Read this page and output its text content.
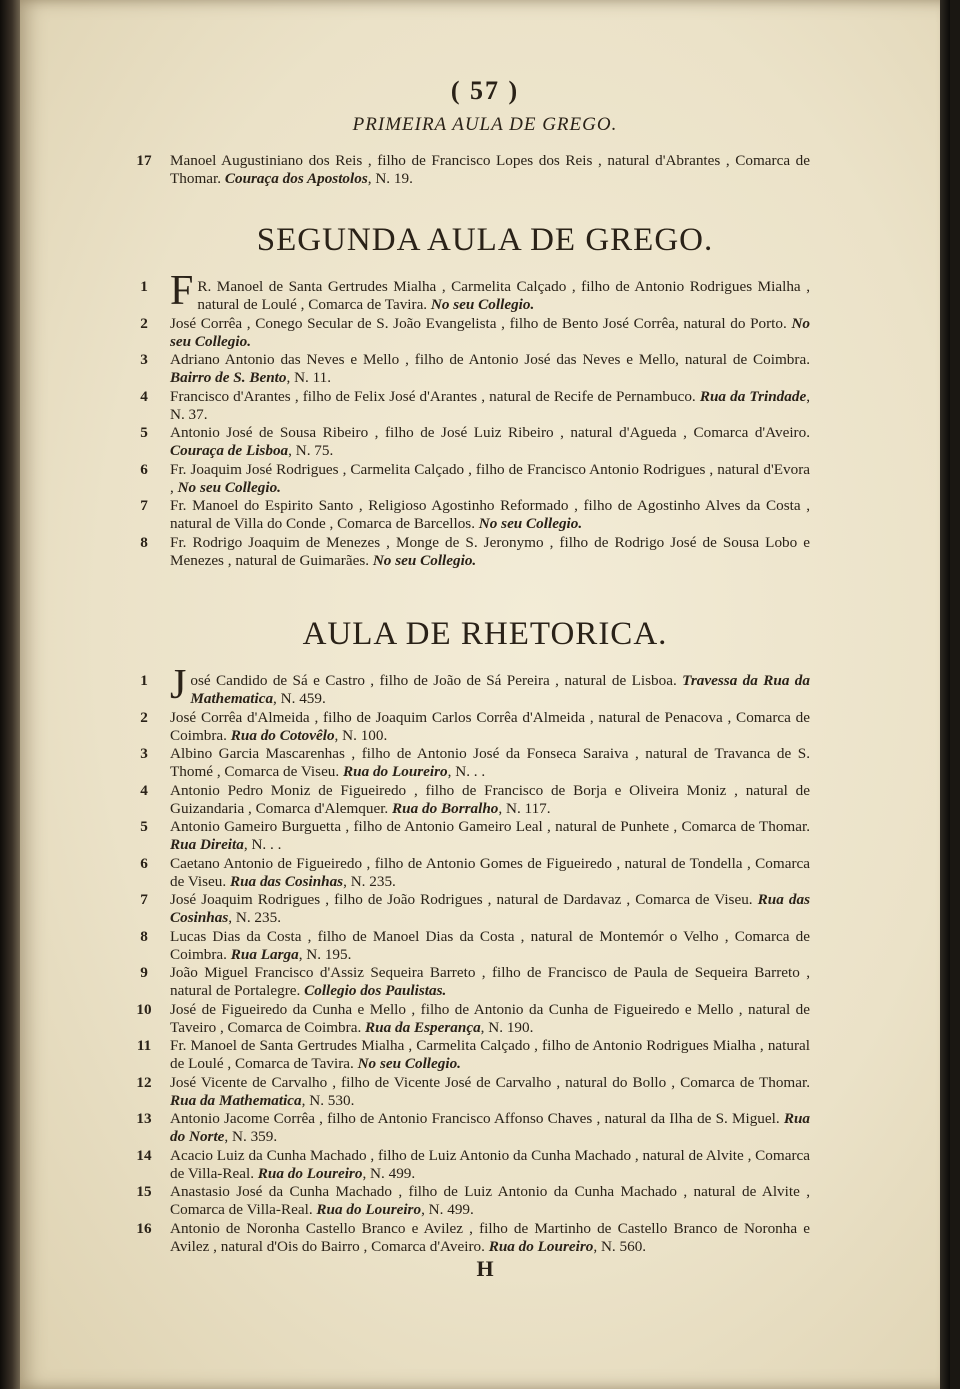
( 57 )
PRIMEIRA AULA DE GREGO.
17	Manoel Augustiniano dos Reis , filho de Francisco Lopes dos Reis , natural d'Abrantes , Comarca de Thomar. Couraça dos Apostolos, N. 19.
SEGUNDA AULA DE GREGO.
1	FR. Manoel de Santa Gertrudes Mialha , Carmelita Calçado , filho de Antonio Rodrigues Mialha , natural de Loulé , Comarca de Tavira. No seu Collegio.
2	José Corrêa , Conego Secular de S. João Evangelista , filho de Bento José Corrêa, natural do Porto. No seu Collegio.
3	Adriano Antonio das Neves e Mello , filho de Antonio José das Neves e Mello, natural de Coimbra. Bairro de S. Bento, N. 11.
4	Francisco d'Arantes , filho de Felix José d'Arantes , natural de Recife de Pernambuco. Rua da Trindade, N. 37.
5	Antonio José de Sousa Ribeiro , filho de José Luiz Ribeiro , natural d'Agueda , Comarca d'Aveiro. Couraça de Lisboa, N. 75.
6	Fr. Joaquim José Rodrigues , Carmelita Calçado , filho de Francisco Antonio Rodrigues , natural d'Evora , No seu Collegio.
7	Fr. Manoel do Espirito Santo , Religioso Agostinho Reformado , filho de Agostinho Alves da Costa , natural de Villa do Conde , Comarca de Barcellos. No seu Collegio.
8	Fr. Rodrigo Joaquim de Menezes , Monge de S. Jeronymo , filho de Rodrigo José de Sousa Lobo e Menezes , natural de Guimarães. No seu Collegio.
AULA DE RHETORICA.
1	José Candido de Sá e Castro , filho de João de Sá Pereira , natural de Lisboa. Travessa da Rua da Mathematica, N. 459.
2	José Corrêa d'Almeida , filho de Joaquim Carlos Corrêa d'Almeida , natural de Penacova , Comarca de Coimbra. Rua do Cotovêlo, N. 100.
3	Albino Garcia Mascarenhas , filho de Antonio José da Fonseca Saraiva , natural de Travanca de S. Thomé , Comarca de Viseu. Rua do Loureiro, N. . .
4	Antonio Pedro Moniz de Figueiredo , filho de Francisco de Borja e Oliveira Moniz , natural de Guizandaria , Comarca d'Alemquer. Rua do Borralho, N. 117.
5	Antonio Gameiro Burguetta , filho de Antonio Gameiro Leal , natural de Punhete , Comarca de Thomar. Rua Direita, N. . .
6	Caetano Antonio de Figueiredo , filho de Antonio Gomes de Figueiredo , natural de Tondella , Comarca de Viseu. Rua das Cosinhas, N. 235.
7	José Joaquim Rodrigues , filho de João Rodrigues , natural de Dardavaz , Comarca de Viseu. Rua das Cosinhas, N. 235.
8	Lucas Dias da Costa , filho de Manoel Dias da Costa , natural de Montemór o Velho , Comarca de Coimbra. Rua Larga, N. 195.
9	João Miguel Francisco d'Assiz Sequeira Barreto , filho de Francisco de Paula de Sequeira Barreto , natural de Portalegre. Collegio dos Paulistas.
10	José de Figueiredo da Cunha e Mello , filho de Antonio da Cunha de Figueiredo e Mello , natural de Taveiro , Comarca de Coimbra. Rua da Esperança, N. 190.
11	Fr. Manoel de Santa Gertrudes Mialha , Carmelita Calçado , filho de Antonio Rodrigues Mialha , natural de Loulé , Comarca de Tavira. No seu Collegio.
12	José Vicente de Carvalho , filho de Vicente José de Carvalho , natural do Bollo , Comarca de Thomar. Rua da Mathematica, N. 530.
13	Antonio Jacome Corrêa , filho de Antonio Francisco Affonso Chaves , natural da Ilha de S. Miguel. Rua do Norte, N. 359.
14	Acacio Luiz da Cunha Machado , filho de Luiz Antonio da Cunha Machado , natural de Alvite , Comarca de Villa-Real. Rua do Loureiro, N. 499.
15	Anastasio José da Cunha Machado , filho de Luiz Antonio da Cunha Machado , natural de Alvite , Comarca de Villa-Real. Rua do Loureiro, N. 499.
16	Antonio de Noronha Castello Branco e Avilez , filho de Martinho de Castello Branco de Noronha e Avilez , natural d'Ois do Bairro , Comarca d'Aveiro. Rua do Loureiro, N. 560.
H
